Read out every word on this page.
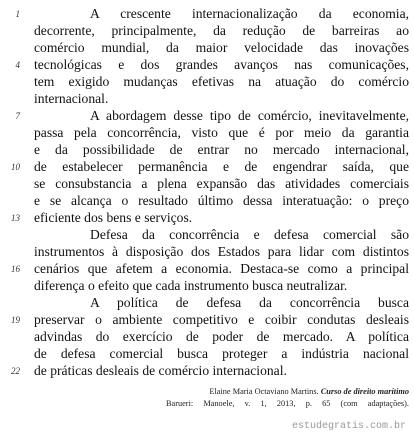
1
4
7
10
13
16
19
22
A crescente internacionalização da economia,
decorrente, principalmente, da redução de barreiras ao
comércio mundial, da maior velocidade das inovações
tecnológicas e dos grandes avanços nas comunicações,
tem exigido mudanças efetivas na atuação do comércio
internacional.
A abordagem desse tipo de comércio, inevitavelmente,
passa pela concorrência, visto que é por meio da garantia
e da possibilidade de entrar no mercado internacional,
de estabelecer permanência e de engendrar saída, que
se consubstancia a plena expansão das atividades comerciais
e se alcança o resultado último dessa interatuação: o preço
eficiente dos bens e serviços.
Defesa da concorrência e defesa comercial são
instrumentos à disposição dos Estados para lidar com distintos
cenários que afetem a economia. Destaca-se como a principal
diferença o efeito que cada instrumento busca neutralizar.
A política de defesa da concorrência busca
preservar o ambiente competitivo e coibir condutas desleais
advindas do exercício de poder de mercado. A política
de defesa comercial busca proteger a indústria nacional
de práticas desleais de comércio internacional.
Elaine Maria Octaviano Martins. Curso de direito marítimo
Barueri: Manoele, v. 1, 2013, p. 65 (com adaptações).
estudegratis.com.br
